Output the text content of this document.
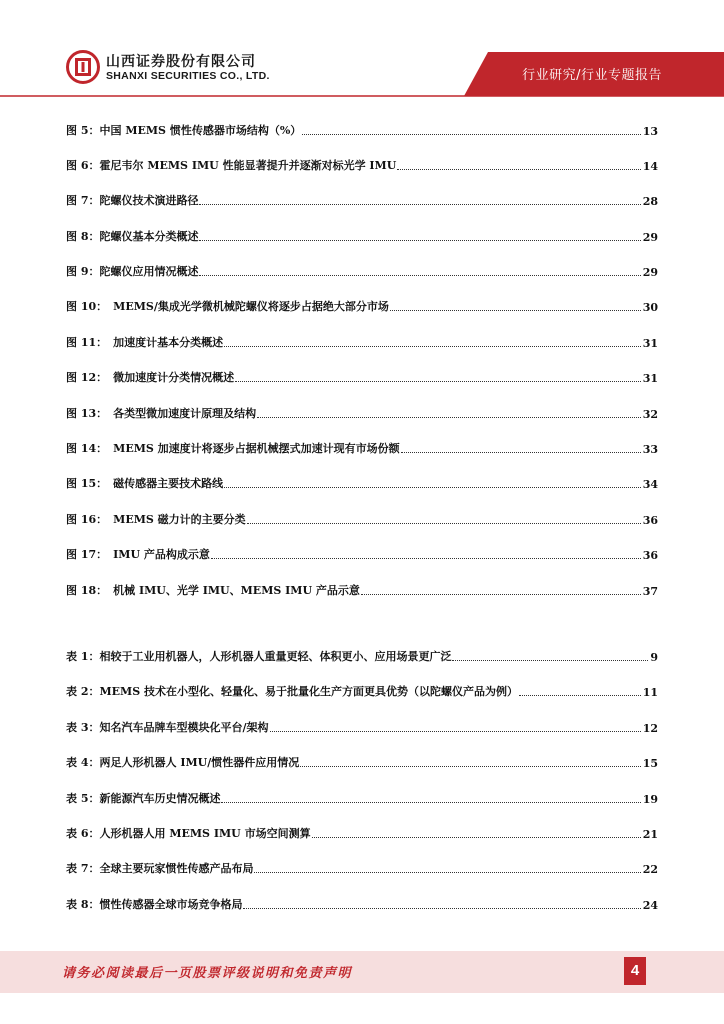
山西证券股份有限公司
SHANXI SECURITIES CO., LTD.	行业研究/行业专题报告
图 5： 中国 MEMS 惯性传感器市场结构（%）	13
图 6： 霍尼韦尔 MEMS IMU 性能显著提升并逐渐对标光学 IMU	14
图 7： 陀螺仪技术演进路径	28
图 8： 陀螺仪基本分类概述	29
图 9： 陀螺仪应用情况概述	29
图 10： MEMS/集成光学微机械陀螺仪将逐步占据绝大部分市场	30
图 11： 加速度计基本分类概述	31
图 12： 微加速度计分类情况概述	31
图 13： 各类型微加速度计原理及结构	32
图 14： MEMS 加速度计将逐步占据机械摆式加速计现有市场份额	33
图 15： 磁传感器主要技术路线	34
图 16： MEMS 磁力计的主要分类	36
图 17： IMU 产品构成示意	36
图 18： 机械 IMU、光学 IMU、MEMS IMU 产品示意	37
表 1： 相较于工业用机器人，人形机器人重量更轻、体积更小、应用场景更广泛	9
表 2： MEMS 技术在小型化、轻量化、易于批量化生产方面更具优势（以陀螺仪产品为例）	11
表 3： 知名汽车品牌车型模块化平台/架构	12
表 4： 两足人形机器人 IMU/惯性器件应用情况	15
表 5： 新能源汽车历史情况概述	19
表 6： 人形机器人用 MEMS IMU 市场空间测算	21
表 7： 全球主要玩家惯性传感产品布局	22
表 8： 惯性传感器全球市场竞争格局	24
请务必阅读最后一页股票评级说明和免责声明	4
